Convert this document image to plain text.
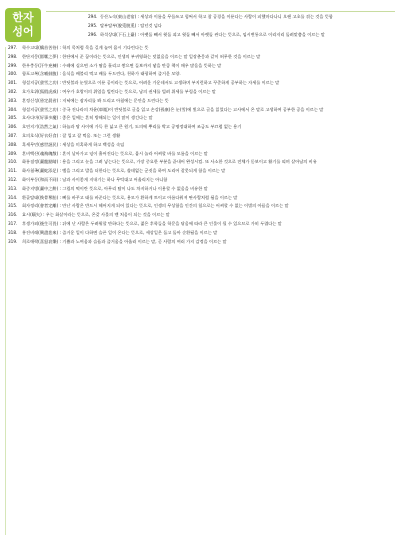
한자
성어
294. 동산노숙(東山老宿) : 세상과 이름을 무릅쓰고 힘써서 학고 참 공경을 이룬다는 사람이 피했마다나니 오랜 고초를 겪는 것을 뜻함
295. 탈부탈부(脫兎脫兎) : 탈넌것 넘다
296. 하석상대(下石上臺) : 아랫돌 빼서 윗돌 괴고 윗돌 빼서 아랫돌 괸다는 뜻으로, 임시변통으로 이리저리 돌려맞춤을 이르는 말
297.	학수고대(鶴首苦待) : 학의 목처럼 목을 길게 늘여 몹시 기다린다는 뜻
298.	한단지몽(邯鄲之夢) : 한단에서 꾼 꿈이라는 뜻으로, 인생의 부귀영화는 덧없음을 이르는 말 일장춘몽과 같이 허무한 것을 이르는 말
299.	한우충동(汗牛充棟) : 수레에 실으면 소가 땀을 흘리고 쌓으면 들보까지 닿을 만큼 책이 매우 많음을 뜻하는 말
300.	함포고복(含哺鼓腹) : 음식을 배불리 먹고 배를 두드린다, 천하가 태평하여 즐거운 모양.
301.	형설지공(螢雪之功) : 반딧불과 눈빛으로 이룬 공이라는 뜻으로, 어려운 가운데서도 고생하며 부지런하고 꾸준하게 공부하는 자세를 이르는 말
302.	호가호위(狐假虎威) : 여우가 호랑이의 위엄을 빌린다는 뜻으로, 남의 권세를 빌려 위세를 부림을 이르는 말
303.	혼정신성(昏定晨省) : 저녁에는 잠자리를 봐 드리고 아침에는 문안을 드린다는 뜻
304.	형설지공(螢雪之功) : 중국 진나라의 차윤(車胤)이 반딧불로 글을 읽고 손강(孫康)은 눈(雪)에 빛으로 글을 읽었다는 고사에서 온 말로 고생하여 공부한 공을 이르는 말
305.	호사다마(好事多魔) : 좋은 일에는 흔히 방해되는 일이 많이 생긴다는 말
306.	호연지기(浩然之氣) : 하늘과 땅 사이에 가득 찬 넓고 큰 원기, 도의에 뿌리를 박고 공명정대하여 조금도 부끄럼 없는 용기
307.	호의호식(好衣好食) : 잘 입고 잘 먹음. 또는 그런 생활
308.	혹세무민(惑世誣民) : 세상을 미혹하게 하고 백성을 속임
309.	혼비백산(魂飛魄散) : 혼이 날아가고 넋이 흩어진다는 뜻으로, 몹시 놀라 어찌할 바를 모름을 이르는 말
310.	화룡점정(畵龍點睛) : 용을 그리고 눈을 그려 넣는다는 뜻으로, 가장 중요한 부분을 끝내어 완성시킴. 또 사소한 것으로 전체가 돋보이고 활기를 띠며 살아남의 비유
311.	화사첨족(畵蛇添足) : 뱀을 그리고 발을 더한다는 뜻으로, 쓸데없는 군짓을 하여 도리어 잘못되게 함을 이르는 말
312.	화이부동(和而不同) : 남과 사이좋게 지내기는 하나 무턱대고 어울리지는 아니함
313.	화중지병(畵中之餠) : 그림의 떡이란 뜻으로, 아무리 탐이 나도 차지하거나 이용할 수 없음을 비유한 말
314.	환골탈태(換骨奪胎) : 뼈를 바꾸고 태를 바꾼다는 뜻으로, 용모가 환하게 트이고 아름다워져 딴사람처럼 됨을 이르는 말
315.	회자정리(會者定離) : 만난 사람은 반드시 헤어지게 되어 있다는 뜻으로, 인생의 무상함을 인간의 힘으로는 어찌할 수 없는 이별의 아픔을 이르는 말
316.	효시(嚆矢) : 우는 화살이라는 뜻으로, 온갖 사물의 맨 처음이 되는 것을 이르는 말
317.	후생가외(後生可畏) : 뒤에 난 사람은 두려워할 만하다는 뜻으로, 젊은 후학들을 학문을 닦음에 따라 큰 인물이 될 수 있으므로 가히 두렵다는 말
318.	흥진비래(興盡悲來) : 즐거운 일이 다하면 슬픈 일이 온다는 뜻으로, 세상일은 돌고 돌아 순환됨을 이르는 말
319.	희로애락(喜怒哀樂) : 기쁨과 노여움과 슬픔과 즐거움을 아울러 이르는 말, 곧 사람의 여러 가지 감정을 이르는 말
